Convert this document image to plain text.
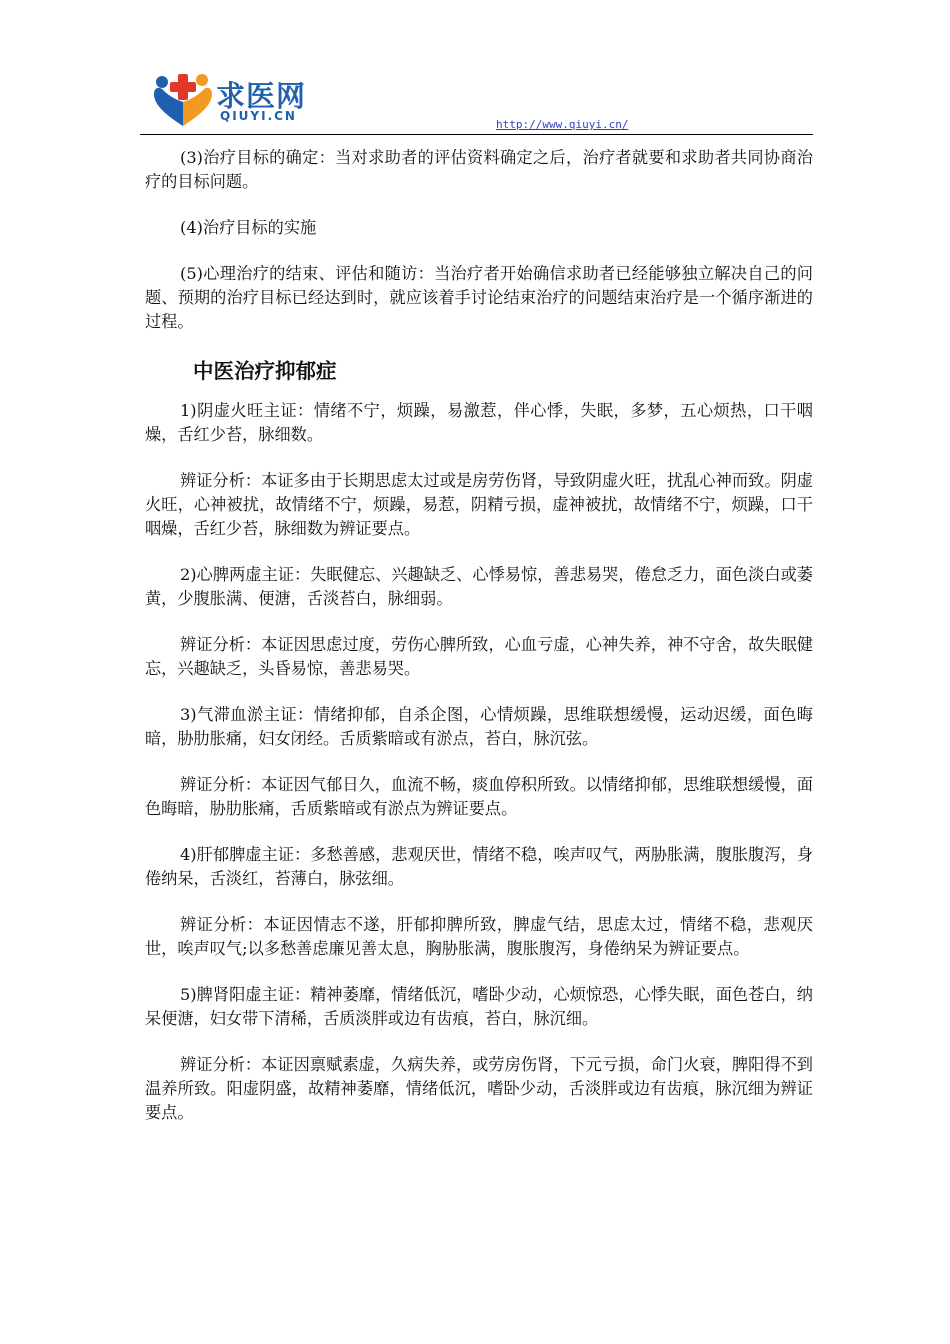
求医网
QIUYI.CN
http://www.qiuyi.cn/

(3)治疗目标的确定：当对求助者的评估资料确定之后，治疗者就要和求助者共同协商治疗的目标问题。

(4)治疗目标的实施

(5)心理治疗的结束、评估和随访：当治疗者开始确信求助者已经能够独立解决自己的问题、预期的治疗目标已经达到时，就应该着手讨论结束治疗的问题结束治疗是一个循序渐进的过程。

中医治疗抑郁症

1)阴虚火旺主证：情绪不宁，烦躁，易激惹，伴心悸，失眠，多梦，五心烦热，口干咽燥，舌红少苔，脉细数。

辨证分析：本证多由于长期思虑太过或是房劳伤肾，导致阴虚火旺，扰乱心神而致。阴虚火旺，心神被扰，故情绪不宁，烦躁，易惹，阴精亏损，虚神被扰，故情绪不宁，烦躁，口干咽燥，舌红少苔，脉细数为辨证要点。

2)心脾两虚主证：失眠健忘、兴趣缺乏、心悸易惊，善悲易哭，倦怠乏力，面色淡白或萎黄，少腹胀满、便溏，舌淡苔白，脉细弱。

辨证分析：本证因思虑过度，劳伤心脾所致，心血亏虚，心神失养，神不守舍，故失眠健忘，兴趣缺乏，头昏易惊，善悲易哭。

3)气滞血淤主证：情绪抑郁，自杀企图，心情烦躁，思维联想缓慢，运动迟缓，面色晦暗，胁肋胀痛，妇女闭经。舌质紫暗或有淤点，苔白，脉沉弦。

辨证分析：本证因气郁日久，血流不畅，痰血停积所致。以情绪抑郁，思维联想缓慢，面色晦暗，胁肋胀痛，舌质紫暗或有淤点为辨证要点。

4)肝郁脾虚主证：多愁善感，悲观厌世，情绪不稳，唉声叹气，两胁胀满，腹胀腹泻，身倦纳呆，舌淡红，苔薄白，脉弦细。

辨证分析：本证因情志不遂，肝郁抑脾所致，脾虚气结，思虑太过，情绪不稳，悲观厌世，唉声叹气;以多愁善虑廉见善太息，胸胁胀满，腹胀腹泻，身倦纳呆为辨证要点。

5)脾肾阳虚主证：精神萎靡，情绪低沉，嗜卧少动，心烦惊恐，心悸失眠，面色苍白，纳呆便溏，妇女带下清稀，舌质淡胖或边有齿痕，苔白，脉沉细。

辨证分析：本证因禀赋素虚，久病失养，或劳房伤肾，下元亏损，命门火衰，脾阳得不到温养所致。阳虚阴盛，故精神萎靡，情绪低沉，嗜卧少动，舌淡胖或边有齿痕，脉沉细为辨证要点。
